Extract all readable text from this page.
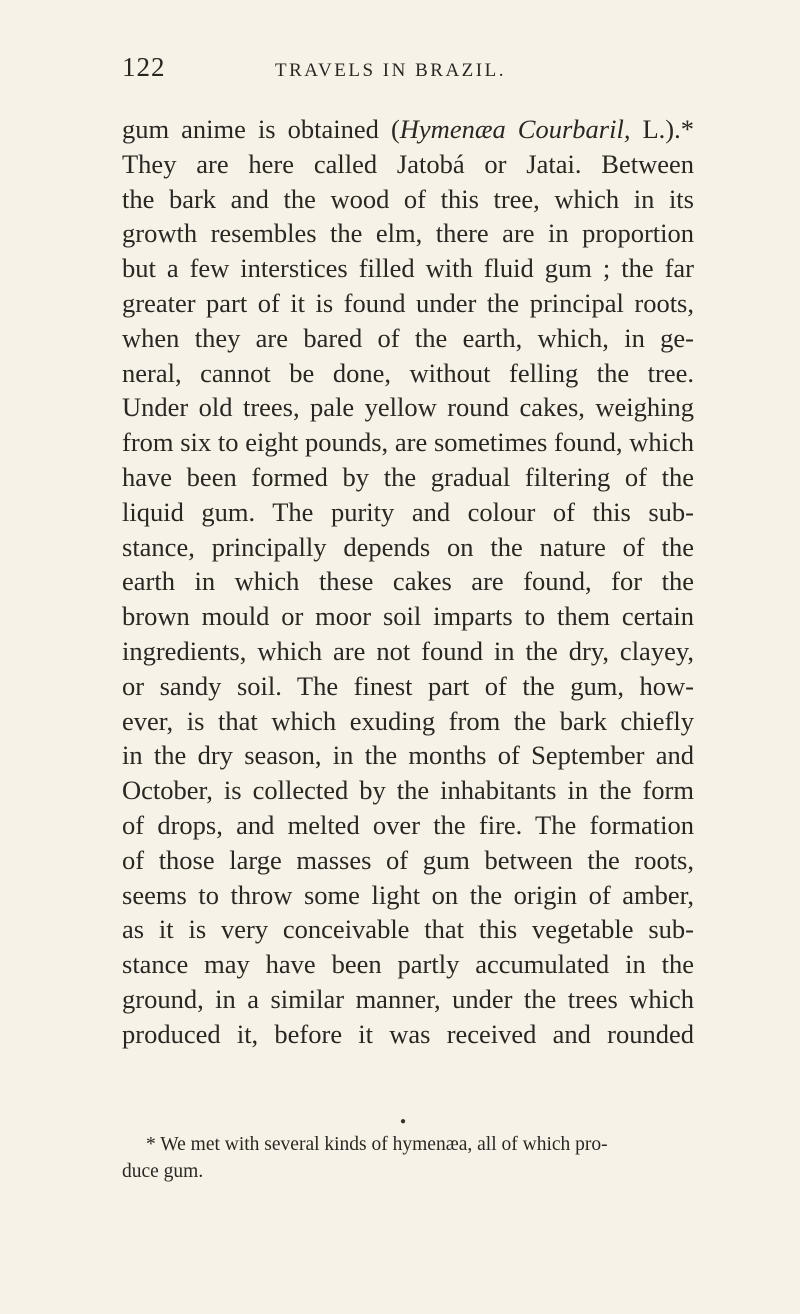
122	TRAVELS IN BRAZIL.
gum anime is obtained (Hymenæa Courbaril, L.).*
They are here called Jatobá or Jatai. Between
the bark and the wood of this tree, which in its
growth resembles the elm, there are in proportion
but a few interstices filled with fluid gum ; the far
greater part of it is found under the principal roots,
when they are bared of the earth, which, in ge-
neral, cannot be done, without felling the tree.
Under old trees, pale yellow round cakes, weighing
from six to eight pounds, are sometimes found, which
have been formed by the gradual filtering of the
liquid gum. The purity and colour of this sub-
stance, principally depends on the nature of the
earth in which these cakes are found, for the
brown mould or moor soil imparts to them certain
ingredients, which are not found in the dry, clayey,
or sandy soil. The finest part of the gum, how-
ever, is that which exuding from the bark chiefly
in the dry season, in the months of September and
October, is collected by the inhabitants in the form
of drops, and melted over the fire. The formation
of those large masses of gum between the roots,
seems to throw some light on the origin of amber,
as it is very conceivable that this vegetable sub-
stance may have been partly accumulated in the
ground, in a similar manner, under the trees which
produced it, before it was received and rounded
●
* We met with several kinds of hymenæa, all of which pro-
duce gum.
